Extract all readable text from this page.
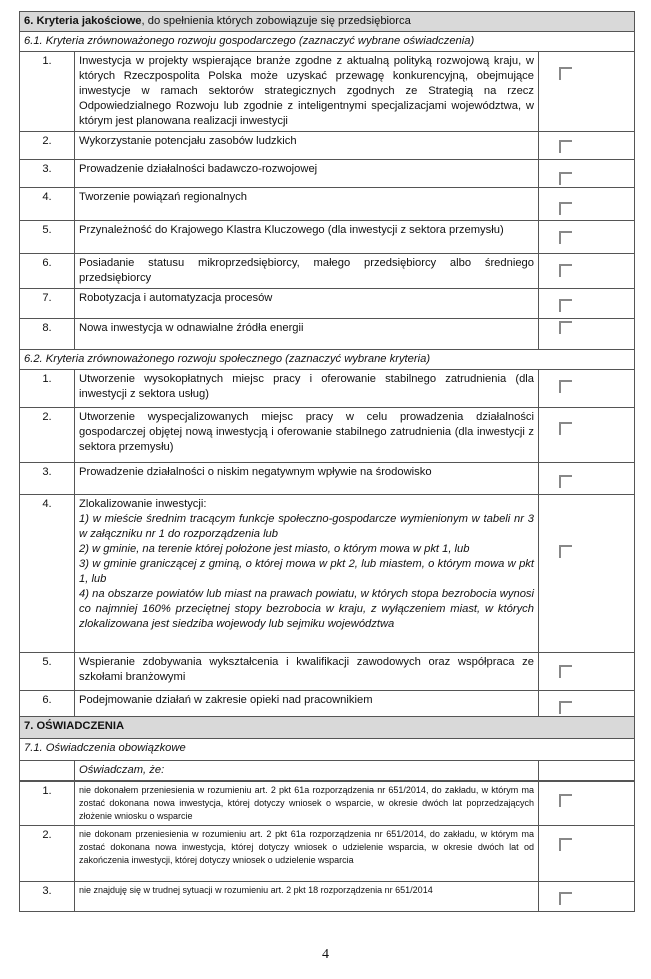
6. Kryteria jakościowe, do spełnienia których zobowiązuje się przedsiębiorca		
6.1. Kryteria zrównoważonego rozwoju gospodarczego (zaznaczyć wybrane oświadczenia)		
1.	Inwestycja w projekty wspierające branże zgodne z aktualną polityką rozwojową kraju, w których Rzeczpospolita Polska może uzyskać przewagę konkurencyjną, obejmujące inwestycje w ramach sektorów strategicznych zgodnych ze Strategią na rzecz Odpowiedzialnego Rozwoju lub zgodnie z inteligentnymi specjalizacjami województwa, w którym jest planowana realizacji inwestycji	

2.	Wykorzystanie potencjału zasobów ludzkich	

3.	Prowadzenie działalności badawczo-rozwojowej	

4.	Tworzenie powiązań regionalnych	

5.	Przynależność do Krajowego Klastra Kluczowego (dla inwestycji z sektora przemysłu)	

6.	Posiadanie statusu mikroprzedsiębiorcy, małego przedsiębiorcy albo średniego przedsiębiorcy	

7.	Robotyzacja i automatyzacja procesów	

8.	Nowa inwestycja w odnawialne źródła energii	

6.2. Kryteria zrównoważonego rozwoju społecznego (zaznaczyć wybrane kryteria)		
1.	Utworzenie wysokopłatnych miejsc pracy i oferowanie stabilnego zatrudnienia (dla inwestycji z sektora usług)	

2.	Utworzenie wyspecjalizowanych miejsc pracy w celu prowadzenia działalności gospodarczej objętej nową inwestycją i oferowanie stabilnego zatrudnienia (dla inwestycji z sektora przemysłu)	

3.	Prowadzenie działalności o niskim negatywnym wpływie na środowisko	

4.	Zlokalizowanie inwestycji:
1) w mieście średnim tracącym funkcje społeczno-gospodarcze wymienionym w tabeli nr 3 w załączniku nr 1 do rozporządzenia lub
2) w gminie, na terenie której położone jest miasto, o którym mowa w pkt 1, lub
3) w gminie graniczącej z gminą, o której mowa w pkt 2, lub miastem, o którym mowa w pkt 1, lub
4) na obszarze powiatów lub miast na prawach powiatu, w których stopa bezrobocia wynosi co najmniej 160% przeciętnej stopy bezrobocia w kraju, z wyłączeniem miast, w których zlokalizowana jest siedziba wojewody lub sejmiku województwa	

5.	Wspieranie zdobywania wykształcenia i kwalifikacji zawodowych oraz współpraca ze szkołami branżowymi	

6.	Podejmowanie działań w zakresie opieki nad pracownikiem	

7. OŚWIADCZENIA		
7.1. Oświadczenia obowiązkowe		
	Oświadczam, że:	
1.	nie dokonałem przeniesienia w rozumieniu art. 2 pkt 61a rozporządzenia nr 651/2014, do zakładu, w którym ma zostać dokonana nowa inwestycja, której dotyczy wniosek o wsparcie, w okresie dwóch lat poprzedzających złożenie wniosku o wsparcie	

2.	nie dokonam przeniesienia w rozumieniu art. 2 pkt 61a rozporządzenia nr 651/2014, do zakładu, w którym ma zostać dokonana nowa inwestycja, której dotyczy wniosek o udzielenie wsparcia, w okresie dwóch lat od zakończenia inwestycji, której dotyczy wniosek o udzielenie wsparcia	

3.	nie znajduję się w trudnej sytuacji w rozumieniu art. 2 pkt 18 rozporządzenia nr 651/2014	
4
